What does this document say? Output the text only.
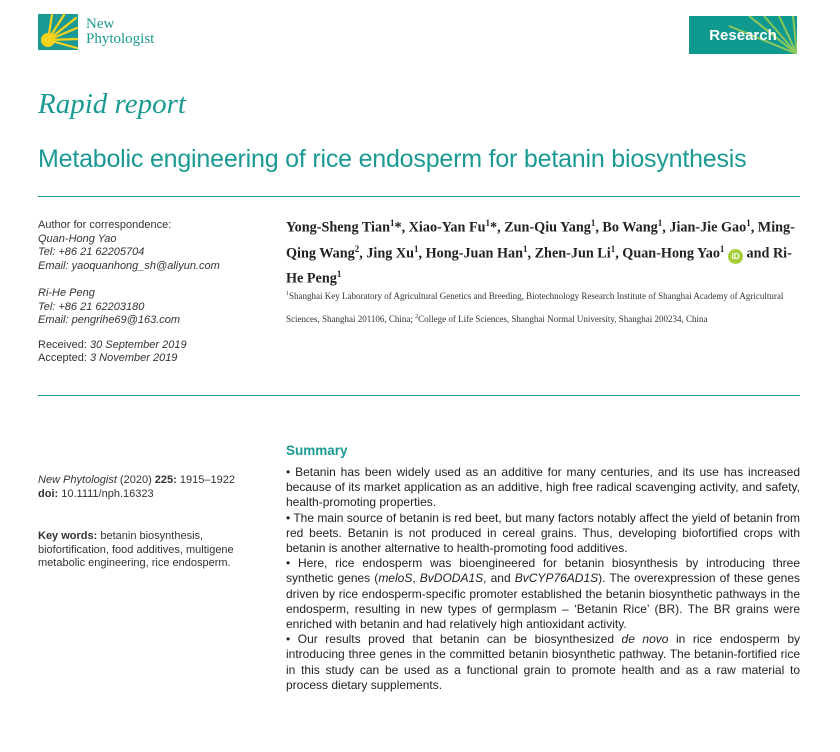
New
Phytologist	Research
Rapid report
Metabolic engineering of rice endosperm for betanin biosynthesis

Author for correspondence:

Quan-Hong Yao

Tel: +86 21 62205704

Email: yaoquanhong_sh@aliyun.com

Ri-He Peng

Tel: +86 21 62203180

Email: pengrihe69@163.com

Received: 30 September 2019

Accepted: 3 November 2019

Yong-Sheng Tian$^1$*, Xiao-Yan Fu$^1$*, Zun-Qiu Yang$^1$, Bo Wang$^1$, Jian-Jie Gao$^1$, Ming-Qing Wang$^2$, Jing Xu$^1$, Hong-Juan Han$^1$, Zhen-Jun Li$^1$, Quan-Hong Yao$^1$ iD and Ri-He Peng$^1$
$^1$Shanghai Key Laboratory of Agricultural Genetics and Breeding, Biotechnology Research Institute of Shanghai Academy of Agricultural Sciences, Shanghai 201106, China; $^2$College of Life Sciences, Shanghai Normal University, Shanghai 200234, China

New Phytologist (2020) 225: 1915–1922

doi: 10.1111/nph.16323

Key words: betanin biosynthesis, biofortification, food additives, multigene metabolic engineering, rice endosperm.

Summary

• Betanin has been widely used as an additive for many centuries, and its use has increased because of its market application as an additive, high free radical scavenging activity, and safety, health-promoting properties.

• The main source of betanin is red beet, but many factors notably affect the yield of betanin from red beets. Betanin is not produced in cereal grains. Thus, developing biofortified crops with betanin is another alternative to health-promoting food additives.

• Here, rice endosperm was bioengineered for betanin biosynthesis by introducing three synthetic genes (meloS, BvDODA1S, and BvCYP76AD1S). The overexpression of these genes driven by rice endosperm-specific promoter established the betanin biosynthetic pathways in the endosperm, resulting in new types of germplasm – ‘Betanin Rice’ (BR). The BR grains were enriched with betanin and had relatively high antioxidant activity.

• Our results proved that betanin can be biosynthesized de novo in rice endosperm by introducing three genes in the committed betanin biosynthetic pathway. The betanin-fortified rice in this study can be used as a functional grain to promote health and as a raw material to process dietary supplements.
